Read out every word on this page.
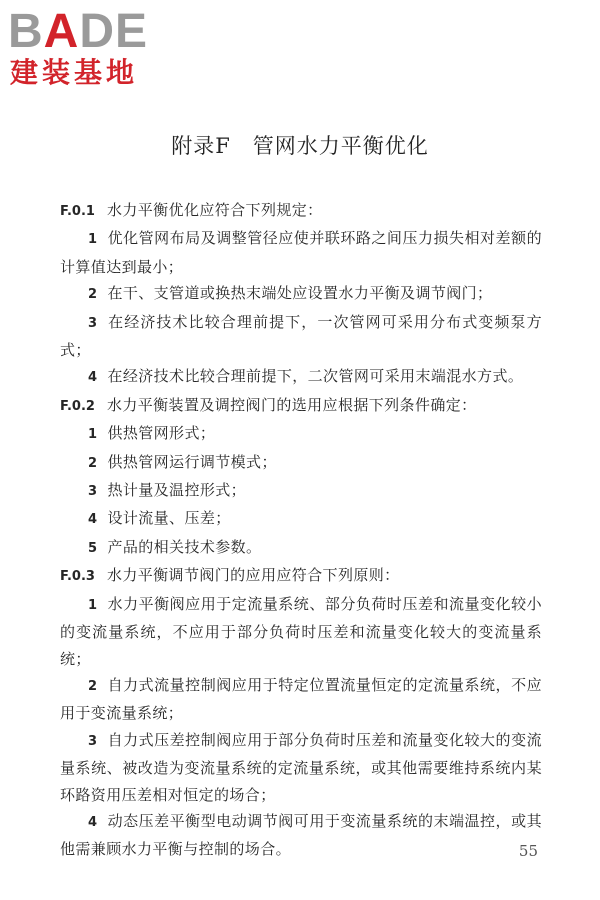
BADE
建装基地
附录F 管网水力平衡优化

F.0.1 水力平衡优化应符合下列规定：

1 优化管网布局及调整管径应使并联环路之间压力损失相对差额的计算值达到最小；

2 在干、支管道或换热末端处应设置水力平衡及调节阀门；

3 在经济技术比较合理前提下，一次管网可采用分布式变频泵方式；

4 在经济技术比较合理前提下，二次管网可采用末端混水方式。

F.0.2 水力平衡装置及调控阀门的选用应根据下列条件确定：

1 供热管网形式；

2 供热管网运行调节模式；

3 热计量及温控形式；

4 设计流量、压差；

5 产品的相关技术参数。

F.0.3 水力平衡调节阀门的应用应符合下列原则：

1 水力平衡阀应用于定流量系统、部分负荷时压差和流量变化较小的变流量系统，不应用于部分负荷时压差和流量变化较大的变流量系统；

2 自力式流量控制阀应用于特定位置流量恒定的定流量系统，不应用于变流量系统；

3 自力式压差控制阀应用于部分负荷时压差和流量变化较大的变流量系统、被改造为变流量系统的定流量系统，或其他需要维持系统内某环路资用压差相对恒定的场合；

4 动态压差平衡型电动调节阀可用于变流量系统的末端温控，或其他需兼顾水力平衡与控制的场合。	55
